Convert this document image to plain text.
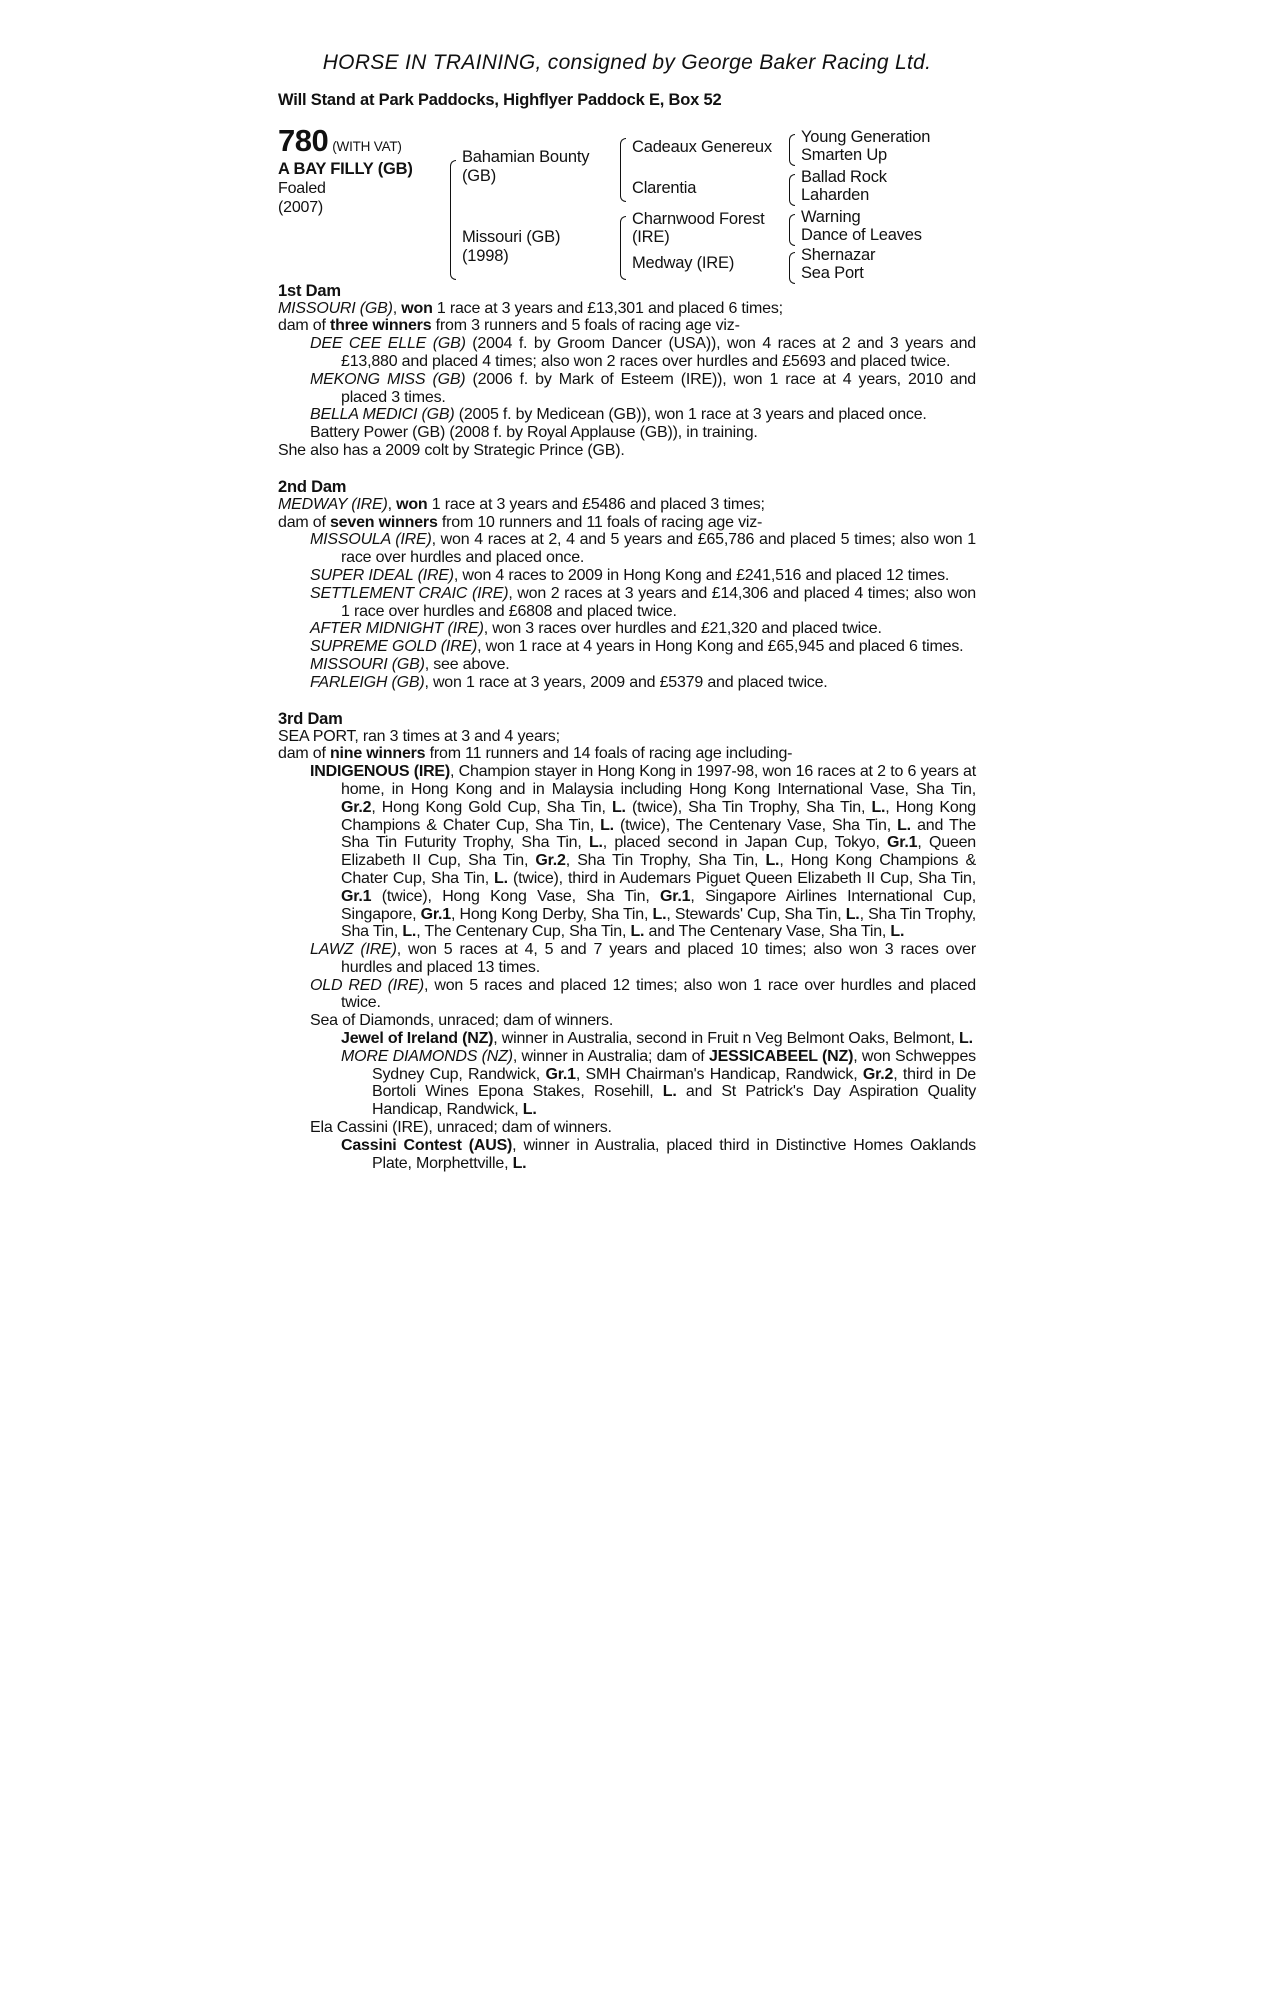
HORSE IN TRAINING, consigned by George Baker Racing Ltd.
Will Stand at Park Paddocks, Highflyer Paddock E, Box 52
780 (WITH VAT)
A BAY FILLY (GB)
Foaled
(2007)
Bahamian Bounty
(GB)
Missouri (GB)
(1998)
Cadeaux Genereux
Clarentia
Charnwood Forest
(IRE)
Medway (IRE)
Young Generation
Smarten Up
Ballad Rock
Laharden
Warning
Dance of Leaves
Shernazar
Sea Port
1st Dam
MISSOURI (GB), won 1 race at 3 years and £13,301 and placed 6 times;
dam of three winners from 3 runners and 5 foals of racing age viz-
DEE CEE ELLE (GB) (2004 f. by Groom Dancer (USA)), won 4 races at 2 and 3 years and £13,880 and placed 4 times; also won 2 races over hurdles and £5693 and placed twice.
MEKONG MISS (GB) (2006 f. by Mark of Esteem (IRE)), won 1 race at 4 years, 2010 and placed 3 times.
BELLA MEDICI (GB) (2005 f. by Medicean (GB)), won 1 race at 3 years and placed once.
Battery Power (GB) (2008 f. by Royal Applause (GB)), in training.
She also has a 2009 colt by Strategic Prince (GB).
2nd Dam
MEDWAY (IRE), won 1 race at 3 years and £5486 and placed 3 times;
dam of seven winners from 10 runners and 11 foals of racing age viz-
MISSOULA (IRE), won 4 races at 2, 4 and 5 years and £65,786 and placed 5 times; also won 1 race over hurdles and placed once.
SUPER IDEAL (IRE), won 4 races to 2009 in Hong Kong and £241,516 and placed 12 times.
SETTLEMENT CRAIC (IRE), won 2 races at 3 years and £14,306 and placed 4 times; also won 1 race over hurdles and £6808 and placed twice.
AFTER MIDNIGHT (IRE), won 3 races over hurdles and £21,320 and placed twice.
SUPREME GOLD (IRE), won 1 race at 4 years in Hong Kong and £65,945 and placed 6 times.
MISSOURI (GB), see above.
FARLEIGH (GB), won 1 race at 3 years, 2009 and £5379 and placed twice.
3rd Dam
SEA PORT, ran 3 times at 3 and 4 years;
dam of nine winners from 11 runners and 14 foals of racing age including-
INDIGENOUS (IRE), Champion stayer in Hong Kong in 1997-98, won 16 races at 2 to 6 years at home, in Hong Kong and in Malaysia including Hong Kong International Vase, Sha Tin, Gr.2, Hong Kong Gold Cup, Sha Tin, L. (twice), Sha Tin Trophy, Sha Tin, L., Hong Kong Champions & Chater Cup, Sha Tin, L. (twice), The Centenary Vase, Sha Tin, L. and The Sha Tin Futurity Trophy, Sha Tin, L., placed second in Japan Cup, Tokyo, Gr.1, Queen Elizabeth II Cup, Sha Tin, Gr.2, Sha Tin Trophy, Sha Tin, L., Hong Kong Champions & Chater Cup, Sha Tin, L. (twice), third in Audemars Piguet Queen Elizabeth II Cup, Sha Tin, Gr.1 (twice), Hong Kong Vase, Sha Tin, Gr.1, Singapore Airlines International Cup, Singapore, Gr.1, Hong Kong Derby, Sha Tin, L., Stewards' Cup, Sha Tin, L., Sha Tin Trophy, Sha Tin, L., The Centenary Cup, Sha Tin, L. and The Centenary Vase, Sha Tin, L.
LAWZ (IRE), won 5 races at 4, 5 and 7 years and placed 10 times; also won 3 races over hurdles and placed 13 times.
OLD RED (IRE), won 5 races and placed 12 times; also won 1 race over hurdles and placed twice.
Sea of Diamonds, unraced; dam of winners.
Jewel of Ireland (NZ), winner in Australia, second in Fruit n Veg Belmont Oaks, Belmont, L.
MORE DIAMONDS (NZ), winner in Australia; dam of JESSICABEEL (NZ), won Schweppes Sydney Cup, Randwick, Gr.1, SMH Chairman's Handicap, Randwick, Gr.2, third in De Bortoli Wines Epona Stakes, Rosehill, L. and St Patrick's Day Aspiration Quality Handicap, Randwick, L.
Ela Cassini (IRE), unraced; dam of winners.
Cassini Contest (AUS), winner in Australia, placed third in Distinctive Homes Oaklands Plate, Morphettville, L.
